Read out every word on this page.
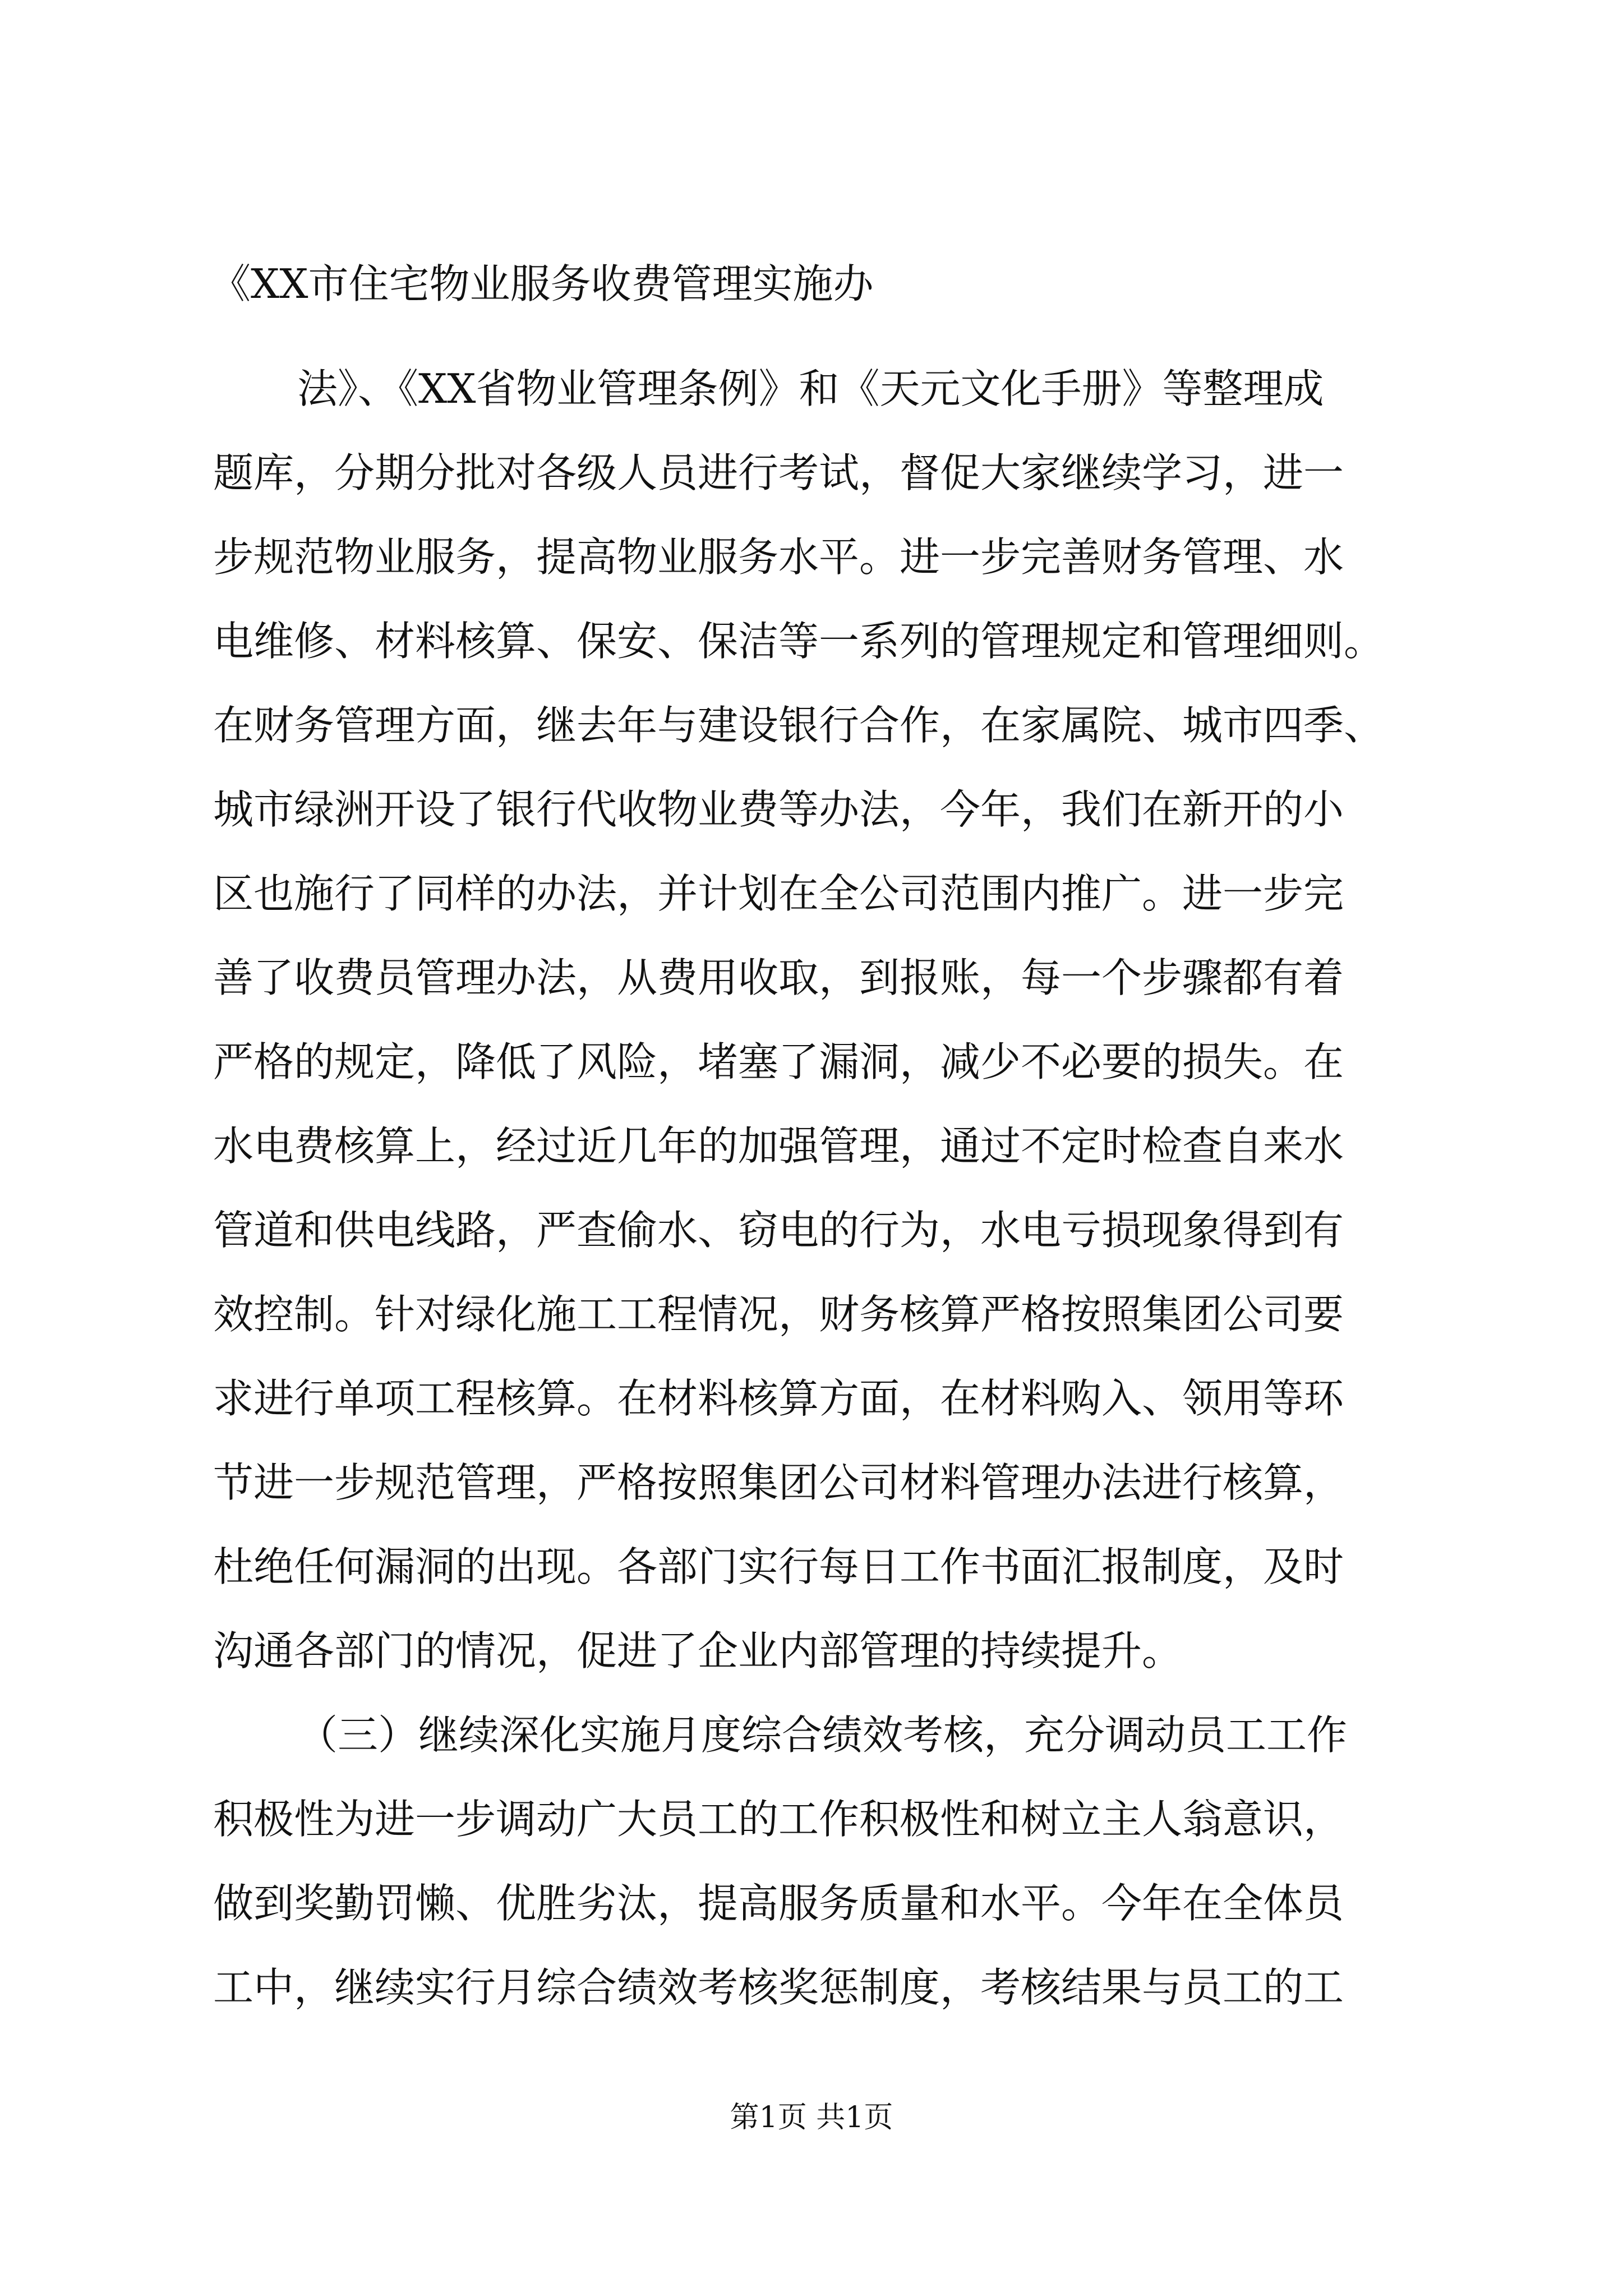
《XX市住宅物业服务收费管理实施办
法》、《XX省物业管理条例》和《天元文化手册》等整理成
题库，分期分批对各级人员进行考试，督促大家继续学习，进一
步规范物业服务，提高物业服务水平。进一步完善财务管理、水
电维修、材料核算、保安、保洁等一系列的管理规定和管理细则。
在财务管理方面，继去年与建设银行合作，在家属院、城市四季、
城市绿洲开设了银行代收物业费等办法，今年，我们在新开的小
区也施行了同样的办法，并计划在全公司范围内推广。进一步完
善了收费员管理办法，从费用收取，到报账，每一个步骤都有着
严格的规定，降低了风险，堵塞了漏洞，减少不必要的损失。在
水电费核算上，经过近几年的加强管理，通过不定时检查自来水
管道和供电线路，严查偷水、窃电的行为，水电亏损现象得到有
效控制。针对绿化施工工程情况，财务核算严格按照集团公司要
求进行单项工程核算。在材料核算方面，在材料购入、领用等环
节进一步规范管理，严格按照集团公司材料管理办法进行核算，
杜绝任何漏洞的出现。各部门实行每日工作书面汇报制度，及时
沟通各部门的情况，促进了企业内部管理的持续提升。
（三）继续深化实施月度综合绩效考核，充分调动员工工作
积极性为进一步调动广大员工的工作积极性和树立主人翁意识，
做到奖勤罚懒、优胜劣汰，提高服务质量和水平。今年在全体员
工中，继续实行月综合绩效考核奖惩制度，考核结果与员工的工
第1页 共1页
